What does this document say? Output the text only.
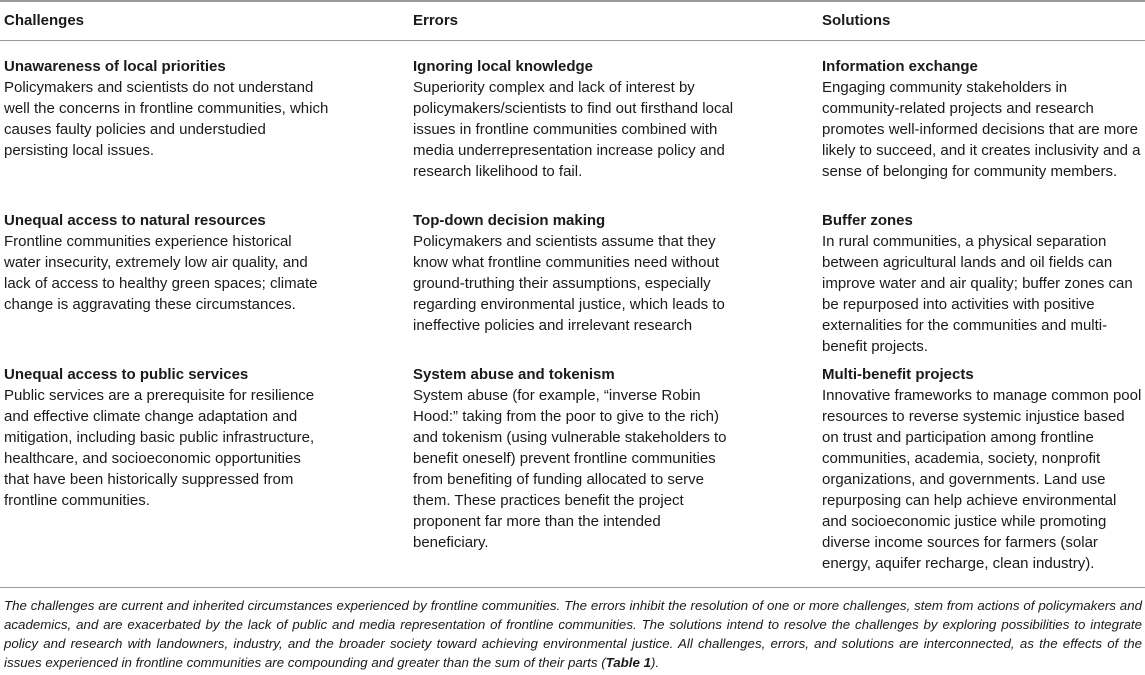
Challenges	Errors	Solutions
Unawareness of local priorities
Policymakers and scientists do not understand well the concerns in frontline communities, which causes faulty policies and understudied persisting local issues.
Ignoring local knowledge
Superiority complex and lack of interest by policymakers/scientists to find out firsthand local issues in frontline communities combined with media underrepresentation increase policy and research likelihood to fail.
Information exchange
Engaging community stakeholders in community-related projects and research promotes well-informed decisions that are more likely to succeed, and it creates inclusivity and a sense of belonging for community members.
Unequal access to natural resources
Frontline communities experience historical water insecurity, extremely low air quality, and lack of access to healthy green spaces; climate change is aggravating these circumstances.
Top-down decision making
Policymakers and scientists assume that they know what frontline communities need without ground-truthing their assumptions, especially regarding environmental justice, which leads to ineffective policies and irrelevant research
Buffer zones
In rural communities, a physical separation between agricultural lands and oil fields can improve water and air quality; buffer zones can be repurposed into activities with positive externalities for the communities and multi-benefit projects.
Unequal access to public services
Public services are a prerequisite for resilience and effective climate change adaptation and mitigation, including basic public infrastructure, healthcare, and socioeconomic opportunities that have been historically suppressed from frontline communities.
System abuse and tokenism
System abuse (for example, “inverse Robin Hood:” taking from the poor to give to the rich) and tokenism (using vulnerable stakeholders to benefit oneself) prevent frontline communities from benefiting of funding allocated to serve them. These practices benefit the project proponent far more than the intended beneficiary.
Multi-benefit projects
Innovative frameworks to manage common pool resources to reverse systemic injustice based on trust and participation among frontline communities, academia, society, nonprofit organizations, and governments. Land use repurposing can help achieve environmental and socioeconomic justice while promoting diverse income sources for farmers (solar energy, aquifer recharge, clean industry).
The challenges are current and inherited circumstances experienced by frontline communities. The errors inhibit the resolution of one or more challenges, stem from actions of policymakers and academics, and are exacerbated by the lack of public and media representation of frontline communities. The solutions intend to resolve the challenges by exploring possibilities to integrate policy and research with landowners, industry, and the broader society toward achieving environmental justice. All challenges, errors, and solutions are interconnected, as the effects of the issues experienced in frontline communities are compounding and greater than the sum of their parts (Table 1).
